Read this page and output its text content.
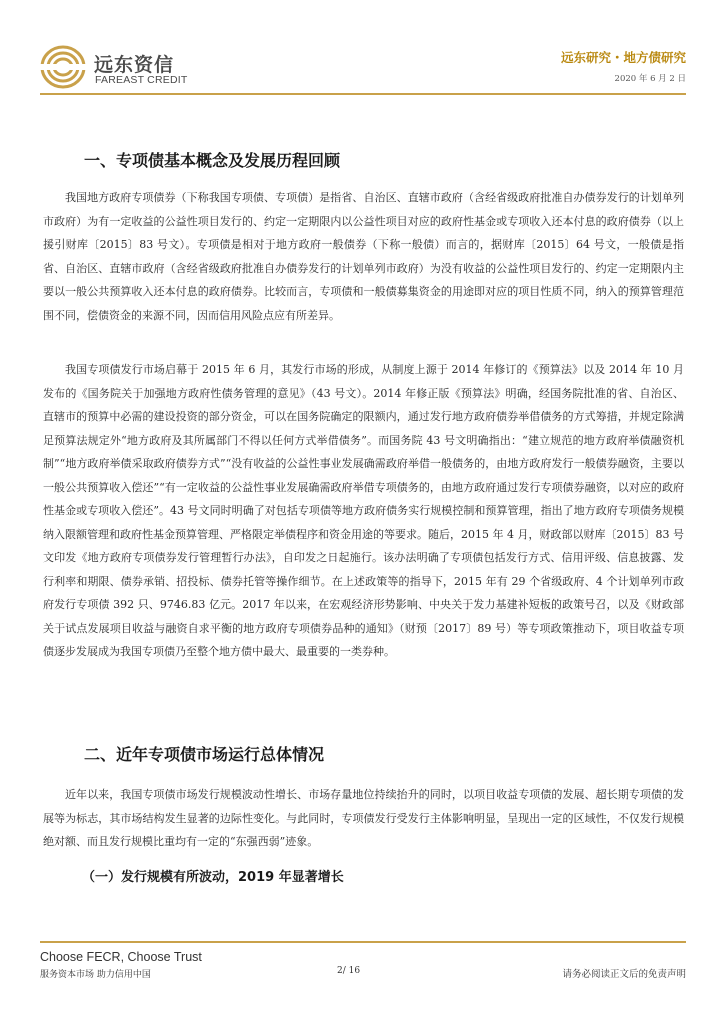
远东资信
FAREAST CREDIT
远东研究・地方债研究
2020 年 6 月 2 日
一、专项债基本概念及发展历程回顾

我国地方政府专项债券（下称我国专项债、专项债）是指省、自治区、直辖市政府（含经省级政府批准自办债券发行的计划单列市政府）为有一定收益的公益性项目发行的、约定一定期限内以公益性项目对应的政府性基金或专项收入还本付息的政府债券（以上援引财库〔2015〕83 号文）。专项债是相对于地方政府一般债券（下称一般债）而言的，据财库〔2015〕64 号文，一般债是指省、自治区、直辖市政府（含经省级政府批准自办债券发行的计划单列市政府）为没有收益的公益性项目发行的、约定一定期限内主要以一般公共预算收入还本付息的政府债券。比较而言，专项债和一般债募集资金的用途即对应的项目性质不同，纳入的预算管理范围不同，偿债资金的来源不同，因而信用风险点应有所差异。

我国专项债发行市场启幕于 2015 年 6 月，其发行市场的形成，从制度上源于 2014 年修订的《预算法》以及 2014 年 10 月发布的《国务院关于加强地方政府性债务管理的意见》（43 号文）。2014 年修正版《预算法》明确，经国务院批准的省、自治区、直辖市的预算中必需的建设投资的部分资金，可以在国务院确定的限额内，通过发行地方政府债券举借债务的方式筹措，并规定除满足预算法规定外“地方政府及其所属部门不得以任何方式举借债务”。而国务院 43 号文明确指出：“建立规范的地方政府举债融资机制”“地方政府举债采取政府债券方式”“没有收益的公益性事业发展确需政府举借一般债务的，由地方政府发行一般债券融资，主要以一般公共预算收入偿还”“有一定收益的公益性事业发展确需政府举借专项债务的，由地方政府通过发行专项债券融资，以对应的政府性基金或专项收入偿还”。43 号文同时明确了对包括专项债等地方政府债务实行规模控制和预算管理，指出了地方政府专项债务规模纳入限额管理和政府性基金预算管理、严格限定举债程序和资金用途的等要求。随后，2015 年 4 月，财政部以财库〔2015〕83 号文印发《地方政府专项债券发行管理暂行办法》，自印发之日起施行。该办法明确了专项债包括发行方式、信用评级、信息披露、发行利率和期限、债券承销、招投标、债券托管等操作细节。在上述政策等的指导下，2015 年有 29 个省级政府、4 个计划单列市政府发行专项债 392 只、9746.83 亿元。2017 年以来，在宏观经济形势影响、中央关于发力基建补短板的政策号召，以及《财政部关于试点发展项目收益与融资自求平衡的地方政府专项债券品种的通知》（财预〔2017〕89 号）等专项政策推动下，项目收益专项债逐步发展成为我国专项债乃至整个地方债中最大、最重要的一类券种。

二、近年专项债市场运行总体情况

近年以来，我国专项债市场发行规模波动性增长、市场存量地位持续抬升的同时，以项目收益专项债的发展、超长期专项债的发展等为标志，其市场结构发生显著的边际性变化。与此同时，专项债发行受发行主体影响明显，呈现出一定的区域性，不仅发行规模绝对额、而且发行规模比重均有一定的“东强西弱”迹象。

（一）发行规模有所波动，2019 年显著增长
Choose FECR, Choose Trust
服务资本市场 助力信用中国	2/ 16	请务必阅读正文后的免责声明
